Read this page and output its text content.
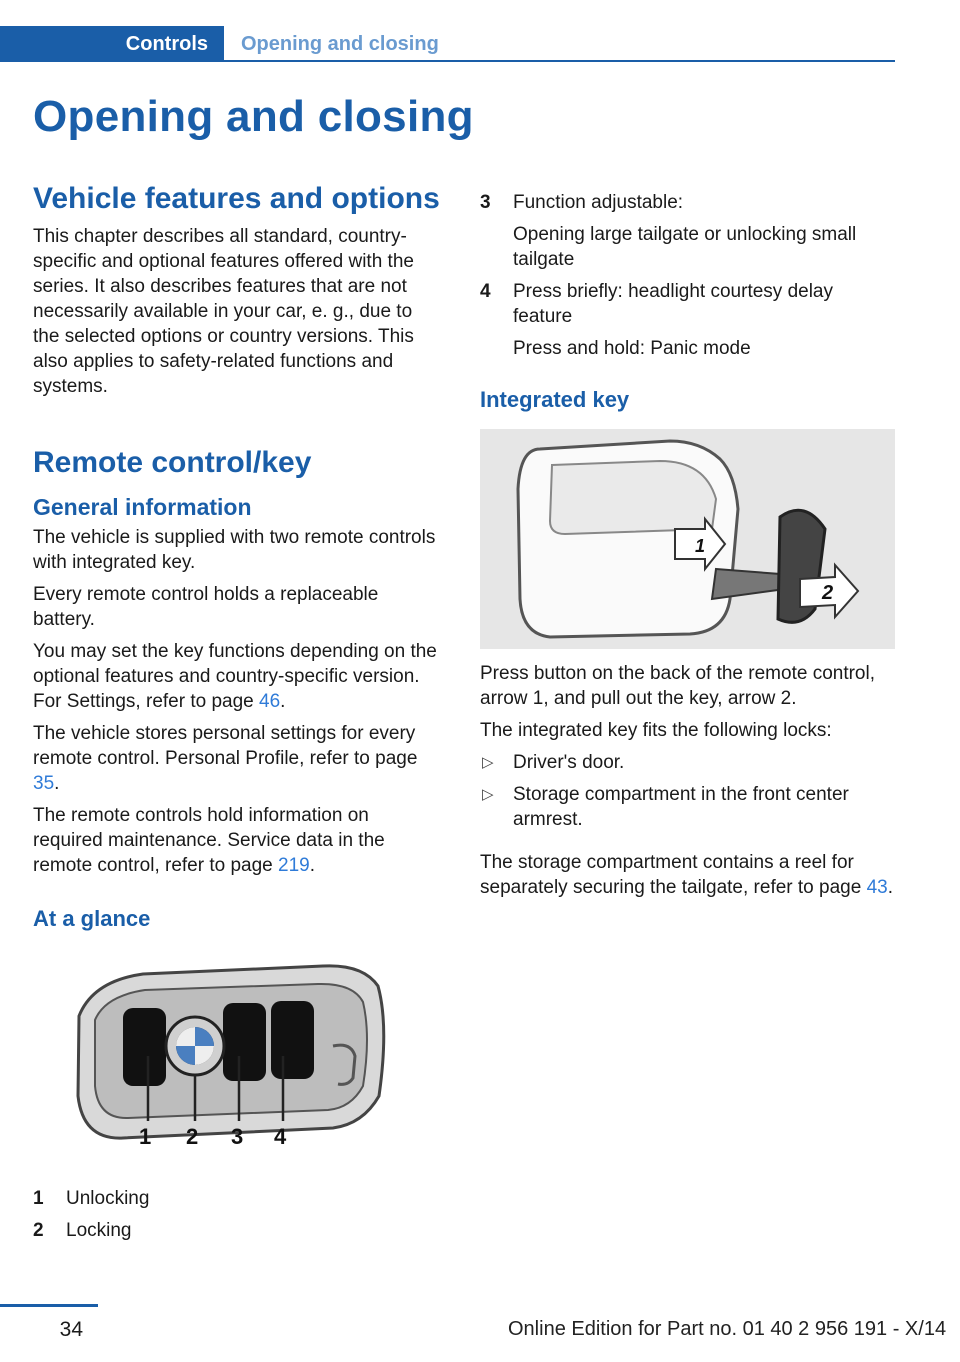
Controls	Opening and closing
Opening and closing
Vehicle features and options

This chapter describes all standard, country-specific and optional features offered with the series. It also describes features that are not necessarily available in your car, e. g., due to the selected options or country versions. This also applies to safety-related functions and systems.

Remote control/key
General information

The vehicle is supplied with two remote controls with integrated key.

Every remote control holds a replaceable battery.

You may set the key functions depending on the optional features and country-specific version. For Settings, refer to page 46.

The vehicle stores personal settings for every remote control. Personal Profile, refer to page 35.

The remote controls hold information on required maintenance. Service data in the remote control, refer to page 219.

At a glance
1 2 3 4
1 Unlocking
2 Locking
3 Function adjustable:
Opening large tailgate or unlocking small tailgate
4 Press briefly: headlight courtesy delay feature
Press and hold: Panic mode
Integrated key
1
2

Press button on the back of the remote control, arrow 1, and pull out the key, arrow 2.

The integrated key fits the following locks:

▷ Driver's door.
▷ Storage compartment in the front center armrest.

The storage compartment contains a reel for separately securing the tailgate, refer to page 43.

34	Online Edition for Part no. 01 40 2 956 191 - X/14
